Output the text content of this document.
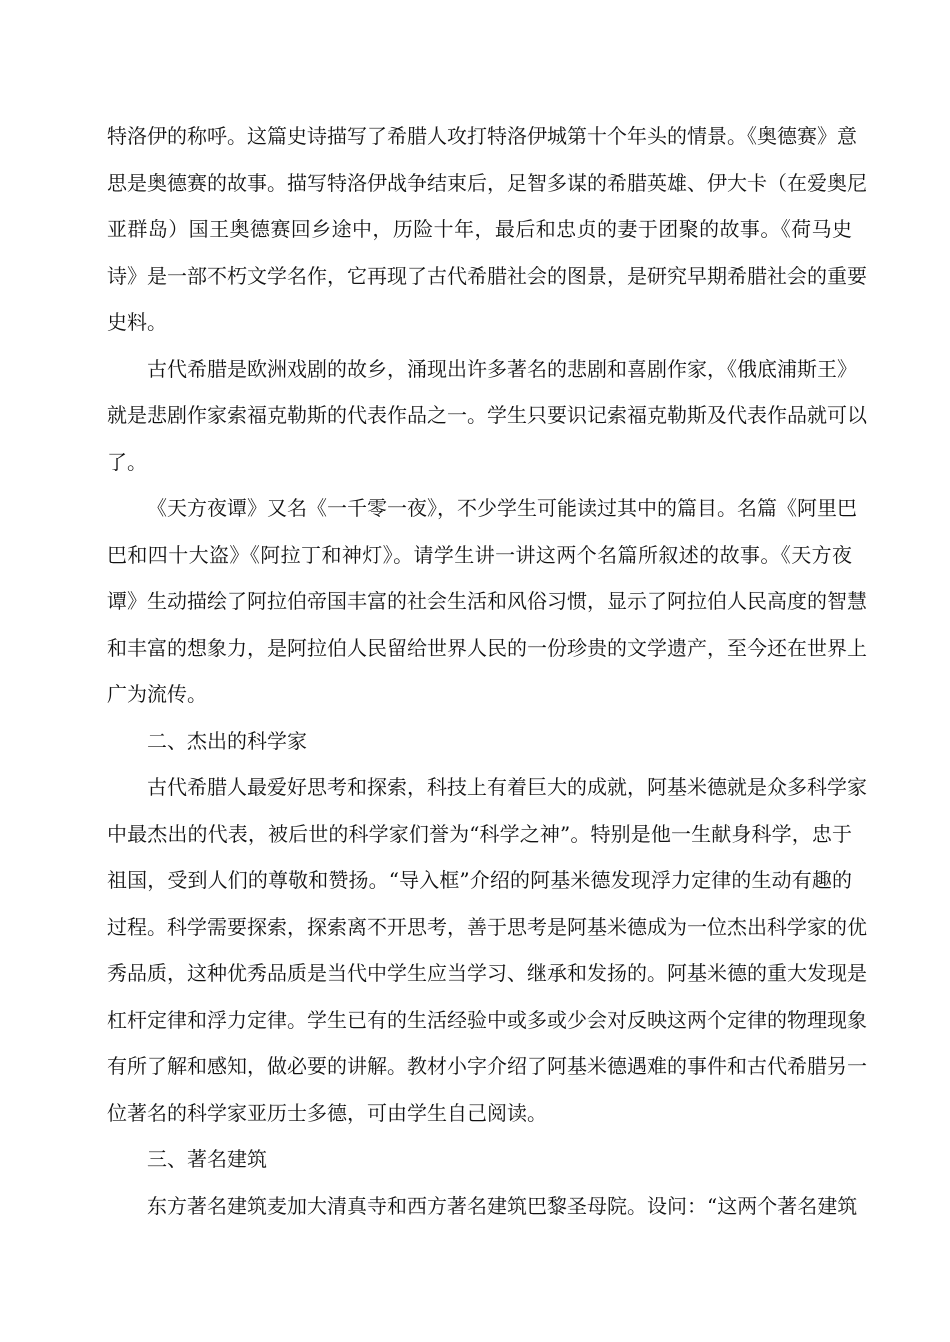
特洛伊的称呼。这篇史诗描写了希腊人攻打特洛伊城第十个年头的情景。《奥德赛》意
思是奥德赛的故事。描写特洛伊战争结束后，足智多谋的希腊英雄、伊大卡（在爱奥尼
亚群岛）国王奥德赛回乡途中，历险十年，最后和忠贞的妻于团聚的故事。《荷马史
诗》是一部不朽文学名作，它再现了古代希腊社会的图景，是研究早期希腊社会的重要
史料。
古代希腊是欧洲戏剧的故乡，涌现出许多著名的悲剧和喜剧作家，《俄底浦斯王》
就是悲剧作家索福克勒斯的代表作品之一。学生只要识记索福克勒斯及代表作品就可以
了。
《天方夜谭》又名《一千零一夜》，不少学生可能读过其中的篇目。名篇《阿里巴
巴和四十大盗》《阿拉丁和神灯》。请学生讲一讲这两个名篇所叙述的故事。《天方夜
谭》生动描绘了阿拉伯帝国丰富的社会生活和风俗习惯，显示了阿拉伯人民高度的智慧
和丰富的想象力，是阿拉伯人民留给世界人民的一份珍贵的文学遗产，至今还在世界上
广为流传。
二、杰出的科学家
古代希腊人最爱好思考和探索，科技上有着巨大的成就，阿基米德就是众多科学家
中最杰出的代表，被后世的科学家们誉为“科学之神”。特别是他一生献身科学，忠于
祖国，受到人们的尊敬和赞扬。“导入框”介绍的阿基米德发现浮力定律的生动有趣的
过程。科学需要探索，探索离不开思考，善于思考是阿基米德成为一位杰出科学家的优
秀品质，这种优秀品质是当代中学生应当学习、继承和发扬的。阿基米德的重大发现是
杠杆定律和浮力定律。学生已有的生活经验中或多或少会对反映这两个定律的物理现象
有所了解和感知，做必要的讲解。教材小字介绍了阿基米德遇难的事件和古代希腊另一
位著名的科学家亚历士多德，可由学生自己阅读。
三、著名建筑
东方著名建筑麦加大清真寺和西方著名建筑巴黎圣母院。设问：“这两个著名建筑
